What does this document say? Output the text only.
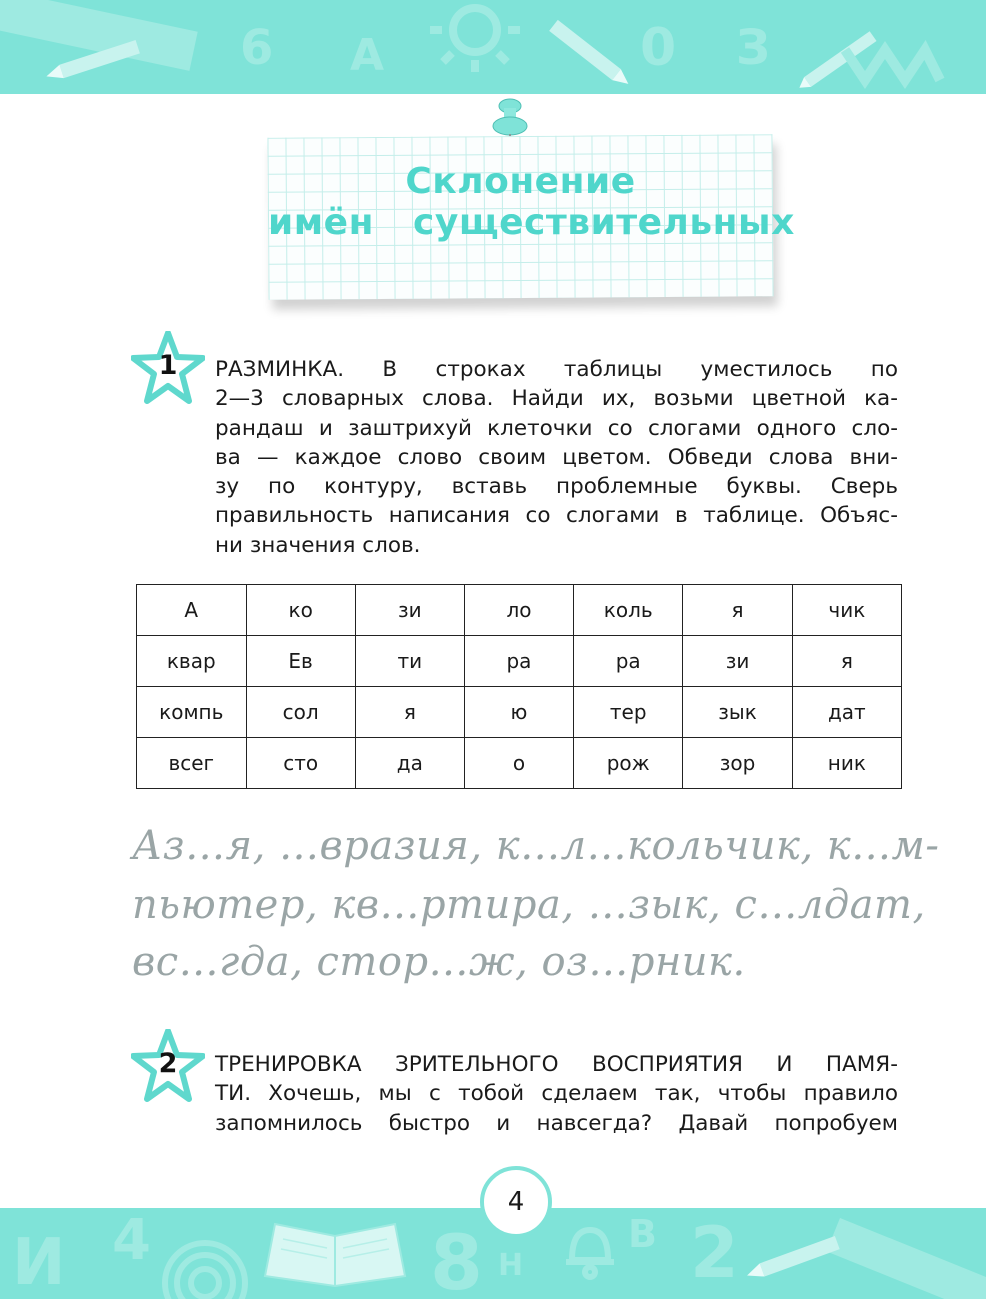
6 А	0 З
Склонение
имён   существительных
1	РАЗМИНКА. В строках таблицы уместилось по
2—3 словарных слова. Найди их, возьми цветной ка-
рандаш и заштрихуй клеточки со слогами одного сло-
ва — каждое слово своим цветом. Обведи слова вни-
зу по контуру, вставь проблемные буквы. Сверь
правильность написания со слогами в таблице. Объяс-
ни значения слов.
А	ко	зи	ло	коль	я	чик
квар	Ев	ти	ра	ра	зи	я
компь	сол	я	ю	тер	зык	дат
всег	сто	да	о	рож	зор	ник
Аз…я, …вразия, к…л…кольчик, к…м-
пьютер, кв…ртира, …зык, с…лдат,
вс…гда, стор…ж, оз…рник.
2	ТРЕНИРОВКА ЗРИТЕЛЬНОГО ВОСПРИЯТИЯ И ПАМЯ-
ТИ. Хочешь, мы с тобой сделаем так, чтобы правило
запомнилось быстро и навсегда? Давай попробуем
И 4	8 Н
В 2
4
